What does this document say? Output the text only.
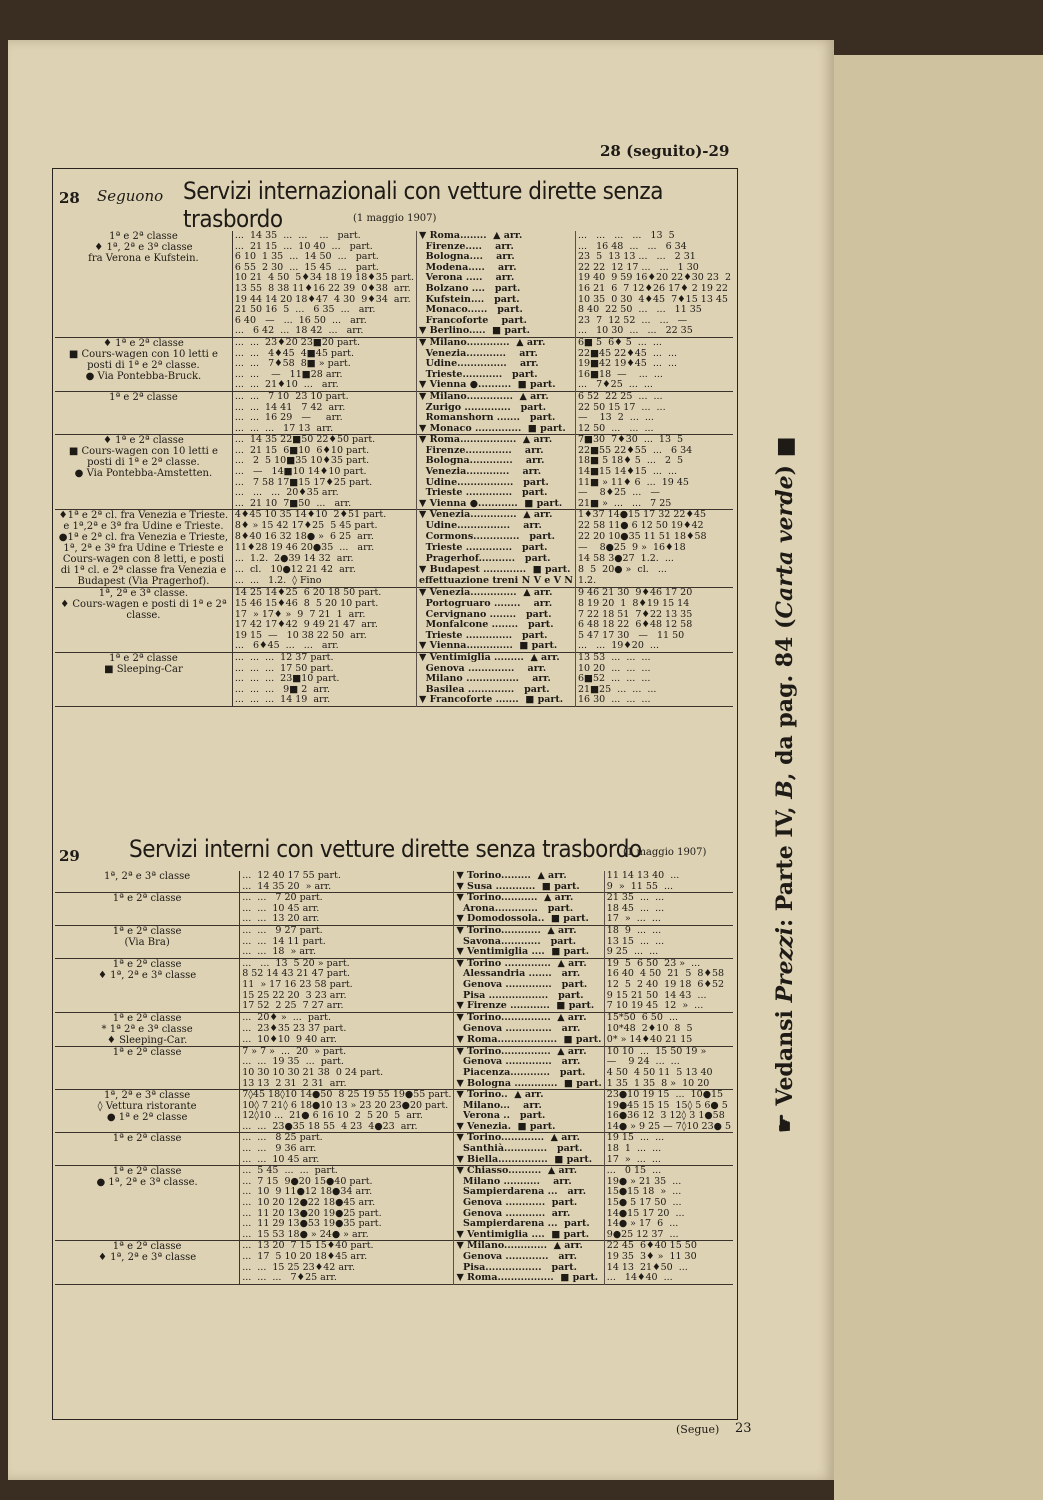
28 (seguito)-29
28 Seguono Servizi internazionali con vetture dirette senza trasbordo	(1 maggio 1907)
1ª e 2ª classe
♦ 1ª, 2ª e 3ª classe
fra Verona e Kufstein.	...  14 35  ...  ...    ...   part.	▼ Roma........  ▲ arr.	...   ...   ...   ...   13  5
	...  21 15  ...  10 40  ...   part.	Firenze.....    arr.	...   16 48  ...   ...   6 34
	6 10  1 35  ...  14 50  ...   part.	Bologna....    arr.	23  5  13 13 ...   ...   2 31
	6 55  2 30  ...  15 45  ...   part.	Modena.....    arr.	22 22  12 17 ...   ...   1 30
	10 21  4 50  5♦34 18 19 18♦35 part.	Verona .....    arr.	19 40  9 59 16♦20 22♦30 23  2
	13 55  8 38 11♦16 22 39  0♦38  arr.	Bolzano ....   part.	16 21  6  7 12♦26 17♦ 2 19 22
	19 44 14 20 18♦47  4 30  9♦34  arr.	Kufstein....   part.	10 35  0 30  4♦45  7♦15 13 45
	21 50 16  5  ...   6 35  ...   arr.	Monaco......   part.	8 40  22 50  ...   ...   11 35
	6 40   —   ...  16 50  ...   arr.	Francoforte    part.	23  7  12 52  ...   ...   —
	...   6 42  ...  18 42  ...   arr.	▼ Berlino.....  ■ part.	...   10 30  ...   ...   22 35
♦ 1ª e 2ª classe
■ Cours-wagen con 10 letti e posti di 1ª e 2ª classe.
● Via Pontebba-Bruck.	...  ...  23♦20 23■20 part.	▼ Milano.............  ▲ arr.	6■ 5  6♦ 5  ...  ...
	...  ...   4♦45  4■45 part.	Venezia............    arr.	22■45 22♦45  ...  ...
	...  ...   7♦58  8■ » part.	Udine...............    arr.	19■42 19♦45  ...  ...
	...  ...    —   11■28 arr.	Trieste............   part.	16■18  —    ...  ...
	...  ...  21♦10  ...   arr.	▼ Vienna ●..........  ■ part.	...   7♦25  ...  ...
1ª e 2ª classe	...  ...   7 10  23 10 part.	▼ Milano..............  ▲ arr.	6 52  22 25  ...  ...
	...  ...  14 41   7 42  arr.	Zurigo ..............   part.	22 50 15 17  ...  ...
	...  ...  16 29   —     arr.	Romanshorn .......   part.	—    13  2  ...  ...
	...  ...  ...   17 13  arr.	▼ Monaco ..............  ■ part.	12 50  ...   ...  ...
♦ 1ª e 2ª classe
■ Cours-wagen con 10 letti e posti di 1ª e 2ª classe.
● Via Pontebba-Amstetten.	...  14 35 22■50 22♦50 part.	▼ Roma.................  ▲ arr.	7■30  7♦30  ...  13  5
	...  21 15  6■10  6♦10 part.	Firenze..............    arr.	22■55 22♦55  ...   6 34
	...   2  5 10■35 10♦35 part.	Bologna.............    arr.	18■ 5 18♦ 5  ...   2  5
	...   —   14■10 14♦10 part.	Venezia.............    arr.	14■15 14♦15  ...  ...
	...   7 58 17■15 17♦25 part.	Udine.................   part.	11■ » 11♦ 6  ...  19 45
	...   ...   ...  20♦35 arr.	Trieste ..............   part.	—    8♦25  ...   —
	...  21 10  7■50  ...   arr.	▼ Vienna ●............  ■ part.	21■ »  ...   ...   7 25
♦1ª e 2ª cl. fra Venezia e Trieste. e 1ª,2ª e 3ª fra Udine e Trieste.
●1ª e 2ª cl. fra Venezia e Trieste, 1ª, 2ª e 3ª fra Udine e Trieste e Cours-wagen con 8 letti, e posti di 1ª cl. e 2ª classe fra Venezia e Budapest (Via Pragerhof).	4♦45 10 35 14♦10  2♦51 part.	▼ Venezia..............  ▲ arr.	1♦37 14●15 17 32 22♦45
	8♦ » 15 42 17♦25  5 45 part.	Udine................    arr.	22 58 11● 6 12 50 19♦42
	8♦40 16 32 18● »  6 25  arr.	Cormons..............   part.	22 20 10●35 11 51 18♦58
	11♦28 19 46 20●35  ...   arr.	Trieste ..............   part.	—    8●25  9 »  16♦18
	...  1.2.  2●39 14 32  arr.	Pragerhof...........   part.	14 58 3●27  1.2.  ...
	...  cl.   10●12 21 42  arr.	▼ Budapest .............  ■ part.	8  5  20● »  cl.   ...
	...  ...   1.2.  ◊ Fino	effettuazione treni N V e V N	1.2.
1ª, 2ª e 3ª classe.
♦ Cours-wagen e posti di 1ª e 2ª classe.	14 25 14♦25  6 20 18 50 part.	▼ Venezia..............  ▲ arr.	9 46 21 30  9♦46 17 20
	15 46 15♦46  8  5 20 10 part.	Portogruaro ........    arr.	8 19 20  1  8♦19 15 14
	17  » 17♦ »  9  7 21  1  arr.	Cervignano ........   part.	7 22 18 51  7♦22 13 35
	17 42 17♦42  9 49 21 47  arr.	Monfalcone ........   part.	6 48 18 22  6♦48 12 58
	19 15  —   10 38 22 50  arr.	Trieste ..............   part.	5 47 17 30   —   11 50
	...   6♦45  ...   ...   arr.	▼ Vienna..............  ■ part.	...   ...  19♦20  ...
1ª e 2ª classe
■ Sleeping-Car	...  ...  ...  12 37 part.	▼ Ventimiglia .........  ▲ arr.	13 53  ...  ...  ...
	...  ...  ...  17 50 part.	Genova ..............    arr.	10 20  ...  ...  ...
	...  ...  ...  23■10 part.	Milano ................    arr.	6■52  ...  ...  ...
	...  ...  ...   9■ 2  arr.	Basilea ..............   part.	21■25  ...  ...  ...
	...  ...  ...  14 19  arr.	▼ Francoforte .......  ■ part.	16 30  ...  ...  ...
29 Servizi interni con vetture dirette senza trasbordo
(1 maggio 1907)
1ª, 2ª e 3ª classe	...  12 40 17 55 part.	▼ Torino.........  ▲ arr.	11 14 13 40  ...
	...  14 35 20  » arr.	▼ Susa ............  ■ part.	9  »  11 55  ...
1ª e 2ª classe	...  ...   7 20 part.	▼ Torino...........  ▲ arr.	21 35  ...  ...
	...  ...  10 45 arr.	Arona.............   part.	18 45  ...  ...
	...  ...  13 20 arr.	▼ Domodossola..  ■ part.	17  »  ...  ...
1ª e 2ª classe
(Via Bra)	...  ...   9 27 part.	▼ Torino............  ▲ arr.	18  9  ...  ...
	...  ...  14 11 part.	Savona............   part.	13 15  ...  ...
	...  ...  18  » arr.	▼ Ventimiglia ....  ■ part.	9 25  ...  ...
1ª e 2ª classe
♦ 1ª, 2ª e 3ª classe	...   ...  13  5 20 » part.	▼ Torino ..............  ▲ arr.	19  5  6 50  23 »  ...
	8 52 14 43 21 47 part.	Alessandria .......   arr.	16 40  4 50  21  5  8♦58
	11  » 17 16 23 58 part.	Genova ..............   part.	12  5  2 40  19 18  6♦52
	15 25 22 20  3 23 arr.	Pisa ..................   part.	9 15 21 50  14 43  ...
	17 52  2 25  7 27 arr.	▼ Firenze ............  ■ part.	7 10 19 45  12  »  ...
1ª e 2ª classe
* 1ª 2ª e 3ª classe
♦ Sleeping-Car.	...  20♦ »  ...  part.	▼ Torino...............  ▲ arr.	15*50  6 50  ...
	...  23♦35 23 37 part.	Genova ..............   arr.	10*48  2♦10  8  5
	...  10♦10  9 40 arr.	▼ Roma..................  ■ part.	0* » 14♦40 21 15
1ª e 2ª classe	7 » 7 »  ...  20  » part.	▼ Torino...............  ▲ arr.	10 10  ...  15 50 19 »
	...  ...  19 35  ...  part.	Genova ..............   arr.	—    9 24  ...  ...
	10 30 10 30 21 38  0 24 part.	Piacenza............   part.	4 50  4 50 11  5 13 40
	13 13  2 31  2 31  arr.	▼ Bologna .............  ■ part.	1 35  1 35  8 »  10 20
1ª, 2ª e 3ª classe
◊ Vettura ristorante
● 1ª e 2ª classe	7◊45 18◊10 14●50  8 25 19 55 19●55 part.	▼ Torino..  ▲ arr.	23●10 19 15  ...  10●15
	10◊ 7 21◊ 6 18●10 13 » 23 20 23●20 part.	Milano...    arr.	19●45 15 15  15◊ 5 6● 5
	12◊10 ...  21● 6 16 10  2  5 20  5  arr.	Verona ..   part.	16●36 12  3 12◊ 3 1●58
	...  ...  23●35 18 55  4 23  4●23  arr.	▼ Venezia.  ■ part.	14● » 9 25 — 7◊10 23● 5
1ª e 2ª classe	...  ...   8 25 part.	▼ Torino.............  ▲ arr.	19 15  ...  ...
	...  ...   9 36 arr.	Santhià.............   part.	18  1  ...  ...
	...  ...  10 45 arr.	▼ Biella...............  ■ part.	17  »  ...  ...
1ª e 2ª classe
● 1ª, 2ª e 3ª classe.	...  5 45  ...  ...  part.	▼ Chiasso..........  ▲ arr.	...   0 15  ...
	...  7 15  9●20 15●40 part.	Milano ...........    arr.	19● » 21 35  ...
	...  10  9 11●12 18●34 arr.	Sampierdarena ...   arr.	15●15 18  »  ...
	...  10 20 12●22 18●45 arr.	Genova ............  part.	15● 5 17 50  ...
	...  11 20 13●20 19●25 part.	Genova ............  arr.	14●15 17 20  ...
	...  11 29 13●53 19●35 part.	Sampierdarena ...  part.	14● » 17  6  ...
	...  15 53 18● » 24● » arr.	▼ Ventimiglia ....  ■ part.	9●25 12 37  ...
1ª e 2ª classe
♦ 1ª, 2ª e 3ª classe	...  13 20  7 15 15♦40 part.	▼ Milano.............  ▲ arr.	22 45  6♦40 15 50
	...  17  5 10 20 18♦45 arr.	Genova .............   arr.	19 35  3♦ »  11 30
	...  ...  15 25 23♦42 arr.	Pisa.................   part.	14 13  21♦50  ...
	...  ...  ...   7♦25 arr.	▼ Roma.................  ■ part.	...   14♦40  ...
☛ Vedansi Prezzi: Parte IV, B, da pag. 84 (Carta verde) ■
(Segue) 23
